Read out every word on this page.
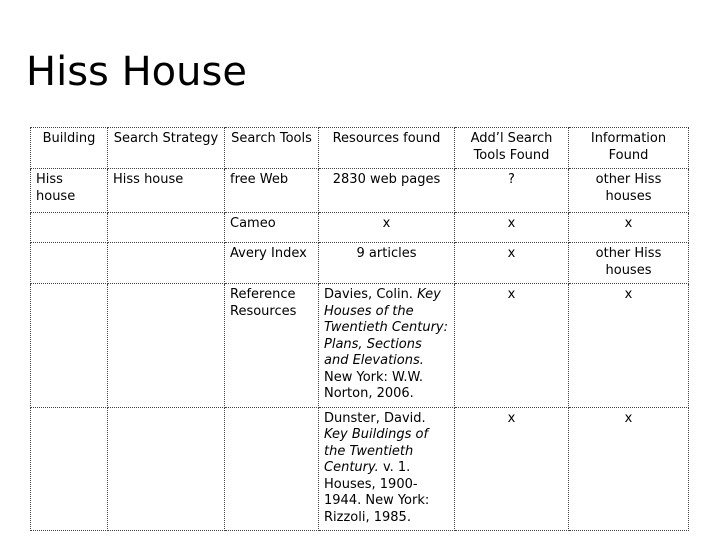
Hiss House
Building	Search Strategy	Search Tools	Resources found	Add’l Search Tools Found	Information Found
Hiss house	Hiss house	free Web	2830 web pages	?	other Hiss houses
		Cameo	x	x	x
		Avery Index	9 articles	x	other Hiss houses
		Reference Resources	Davies, Colin. Key Houses of the Twentieth Century: Plans, Sections and Elevations. New York: W.W. Norton, 2006.	x	x
			Dunster, David. Key Buildings of the Twentieth Century. v. 1. Houses, 1900-1944. New York: Rizzoli, 1985.	x	x
